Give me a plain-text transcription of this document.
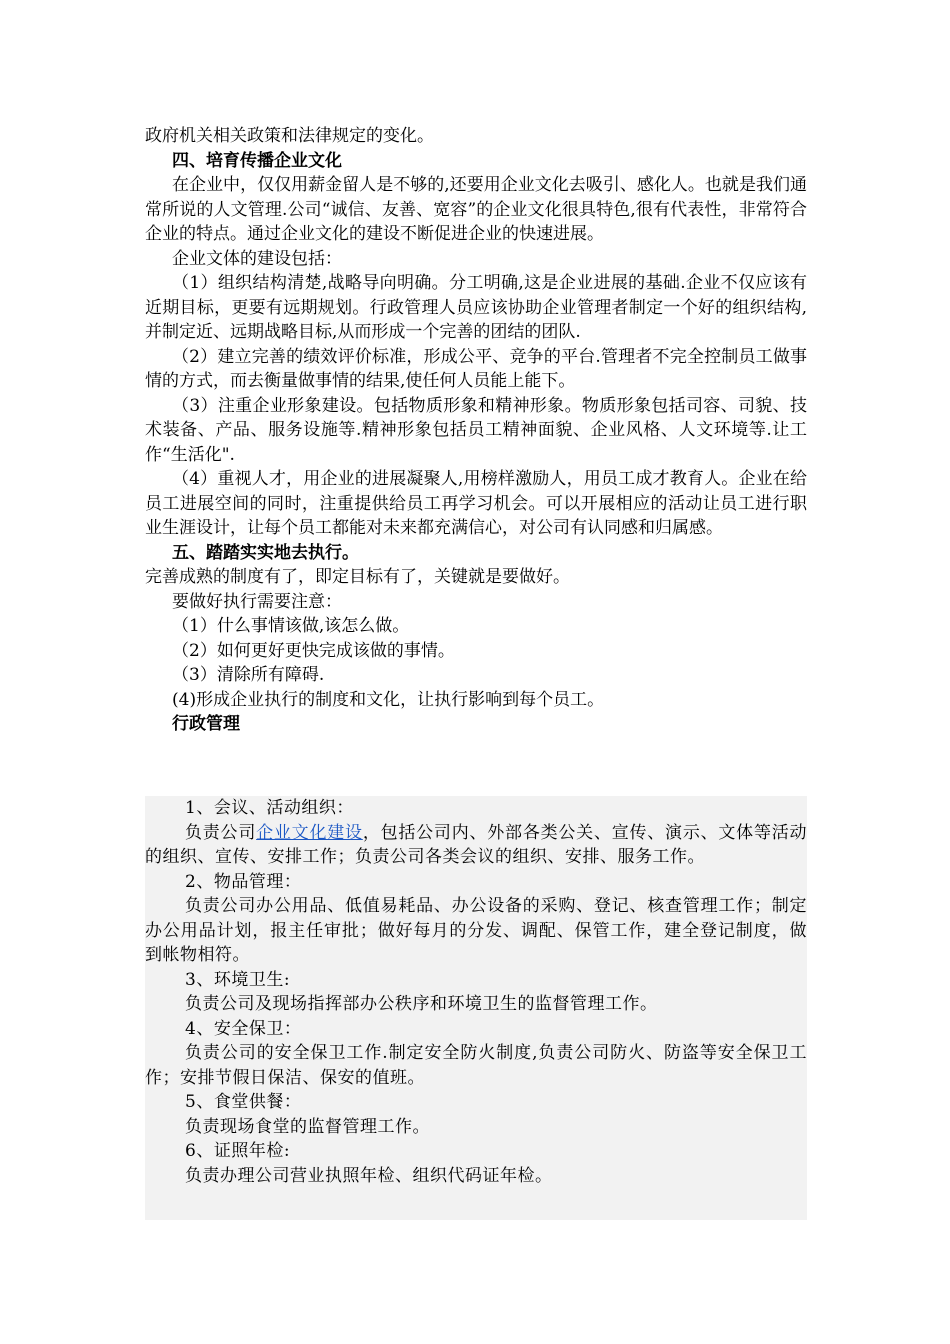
政府机关相关政策和法律规定的变化。

四、培育传播企业文化

在企业中，仅仅用薪金留人是不够的,还要用企业文化去吸引、感化人。也就是我们通常所说的人文管理.公司“诚信、友善、宽容”的企业文化很具特色,很有代表性，非常符合企业的特点。通过企业文化的建设不断促进企业的快速进展。

企业文体的建设包括：

（1）组织结构清楚,战略导向明确。分工明确,这是企业进展的基础.企业不仅应该有近期目标，更要有远期规划。行政管理人员应该协助企业管理者制定一个好的组织结构,并制定近、远期战略目标,从而形成一个完善的团结的团队.

（2）建立完善的绩效评价标准，形成公平、竞争的平台.管理者不完全控制员工做事情的方式，而去衡量做事情的结果,使任何人员能上能下。

（3）注重企业形象建设。包括物质形象和精神形象。物质形象包括司容、司貌、技术装备、产品、服务设施等.精神形象包括员工精神面貌、企业风格、人文环境等.让工作“生活化".

（4）重视人才，用企业的进展凝聚人,用榜样激励人，用员工成才教育人。企业在给员工进展空间的同时，注重提供给员工再学习机会。可以开展相应的活动让员工进行职业生涯设计，让每个员工都能对未来都充满信心，对公司有认同感和归属感。

五、踏踏实实地去执行。

完善成熟的制度有了，即定目标有了，关键就是要做好。

要做好执行需要注意：

（1）什么事情该做,该怎么做。

（2）如何更好更快完成该做的事情。

（3）清除所有障碍.

(4)形成企业执行的制度和文化，让执行影响到每个员工。

行政管理

1、会议、活动组织：

负责公司企业文化建设，包括公司内、外部各类公关、宣传、演示、文体等活动的组织、宣传、安排工作；负责公司各类会议的组织、安排、服务工作。

2、物品管理：

负责公司办公用品、低值易耗品、办公设备的采购、登记、核查管理工作；制定办公用品计划，报主任审批；做好每月的分发、调配、保管工作，建全登记制度，做到帐物相符。

3、环境卫生:

负责公司及现场指挥部办公秩序和环境卫生的监督管理工作。

4、安全保卫：

负责公司的安全保卫工作.制定安全防火制度,负责公司防火、防盗等安全保卫工作；安排节假日保洁、保安的值班。

5、食堂供餐：

负责现场食堂的监督管理工作。

6、证照年检:

负责办理公司营业执照年检、组织代码证年检。
